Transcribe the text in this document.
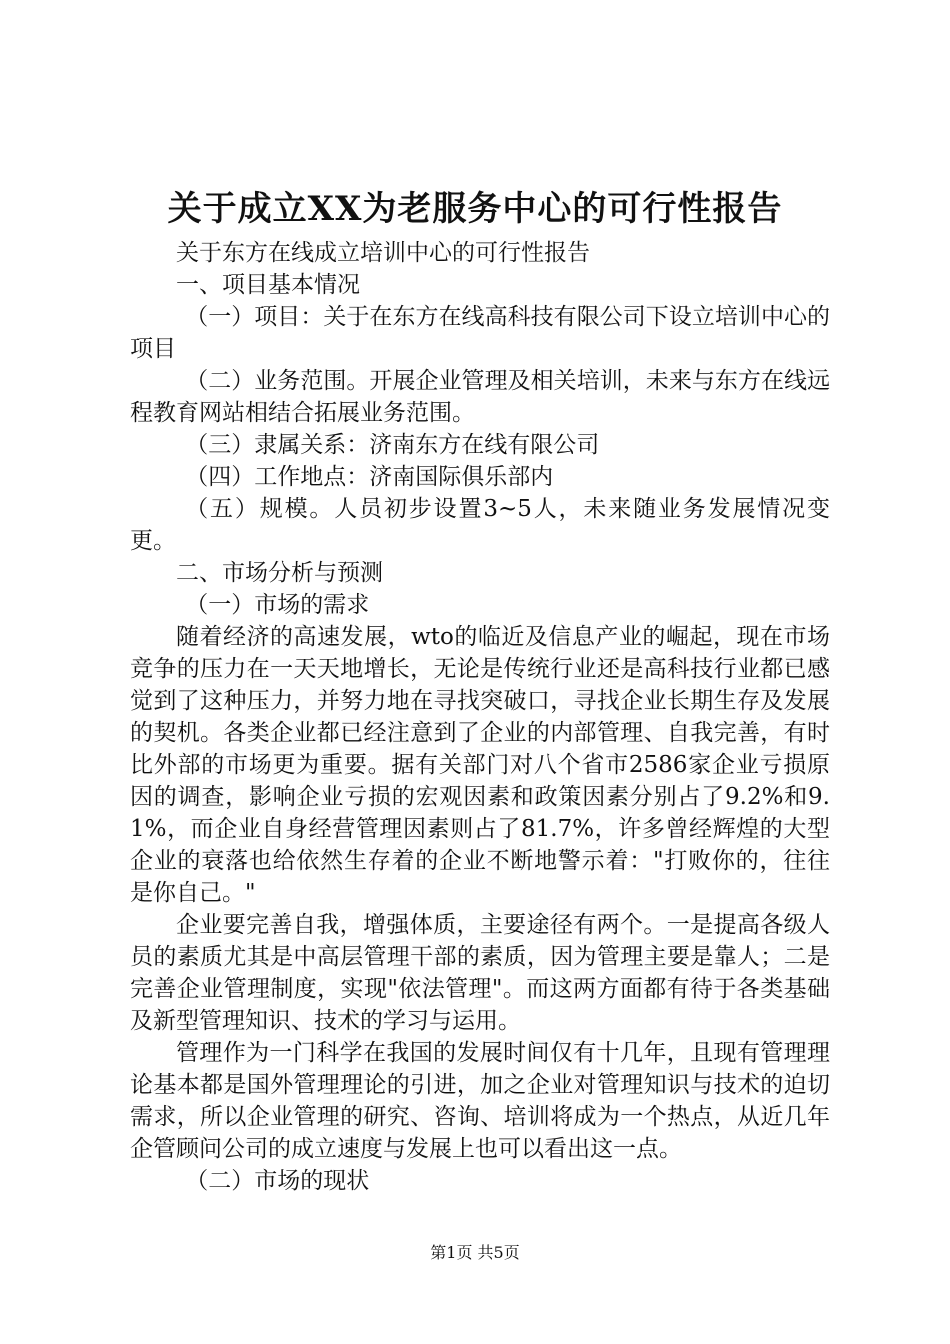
关于成立XX为老服务中心的可行性报告

关于东方在线成立培训中心的可行性报告

一、项目基本情况

（一）项目：关于在东方在线高科技有限公司下设立培训中心的项目

（二）业务范围。开展企业管理及相关培训，未来与东方在线远程教育网站相结合拓展业务范围。

（三）隶属关系：济南东方在线有限公司

（四）工作地点：济南国际俱乐部内

（五）规模。人员初步设置3~5人，未来随业务发展情况变更。

二、市场分析与预测

（一）市场的需求

随着经济的高速发展，wto的临近及信息产业的崛起，现在市场竞争的压力在一天天地增长，无论是传统行业还是高科技行业都已感觉到了这种压力，并努力地在寻找突破口，寻找企业长期生存及发展的契机。各类企业都已经注意到了企业的内部管理、自我完善，有时比外部的市场更为重要。据有关部门对八个省市2586家企业亏损原因的调查，影响企业亏损的宏观因素和政策因素分别占了9.2%和9.1%，而企业自身经营管理因素则占了81.7%，许多曾经辉煌的大型企业的衰落也给依然生存着的企业不断地警示着："打败你的，往往是你自己。"

企业要完善自我，增强体质，主要途径有两个。一是提高各级人员的素质尤其是中高层管理干部的素质，因为管理主要是靠人；二是完善企业管理制度，实现"依法管理"。而这两方面都有待于各类基础及新型管理知识、技术的学习与运用。

管理作为一门科学在我国的发展时间仅有十几年，且现有管理理论基本都是国外管理理论的引进，加之企业对管理知识与技术的迫切需求，所以企业管理的研究、咨询、培训将成为一个热点，从近几年企管顾问公司的成立速度与发展上也可以看出这一点。

（二）市场的现状

第1页 共5页
